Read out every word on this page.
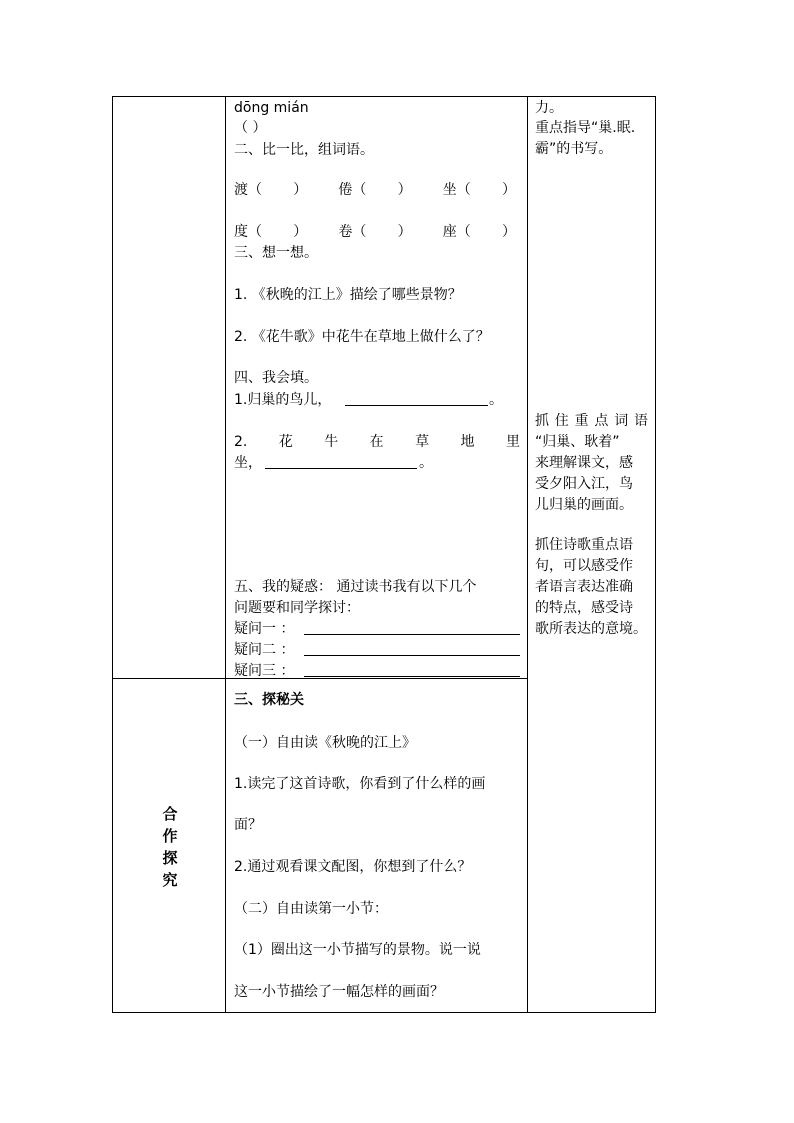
dōng mián
（ ）
二、比一比，组词语。
渡（ ） 倦（ ） 坐（ ）
度（ ） 卷（ ） 座（ ）
三、想一想。
1. 《秋晚的江上》描绘了哪些景物？
2. 《花牛歌》中花牛在草地上做什么了？
四、我会填。
1.归巢的鸟儿，	。
2. 花 牛 在 草 地 里
坐，	。
五、我的疑惑： 通过读书我有以下几个
问题要和同学探讨：
疑问一 ：
疑问二 ：
疑问三 ：
力。
重点指导“巢.眠.
霸”的书写。
抓 住 重 点 词 语
“归巢、耿着”
来理解课文，感
受夕阳入江，鸟
儿归巢的画面。
抓住诗歌重点语
句，可以感受作
者语言表达准确
的特点，感受诗
歌所表达的意境。
合
作
探
究
三、探秘关
（一）自由读《秋晚的江上》
1.读完了这首诗歌，你看到了什么样的画
面？
2.通过观看课文配图，你想到了什么？
（二）自由读第一小节：
（1）圈出这一小节描写的景物。说一说
这一小节描绘了一幅怎样的画面？
